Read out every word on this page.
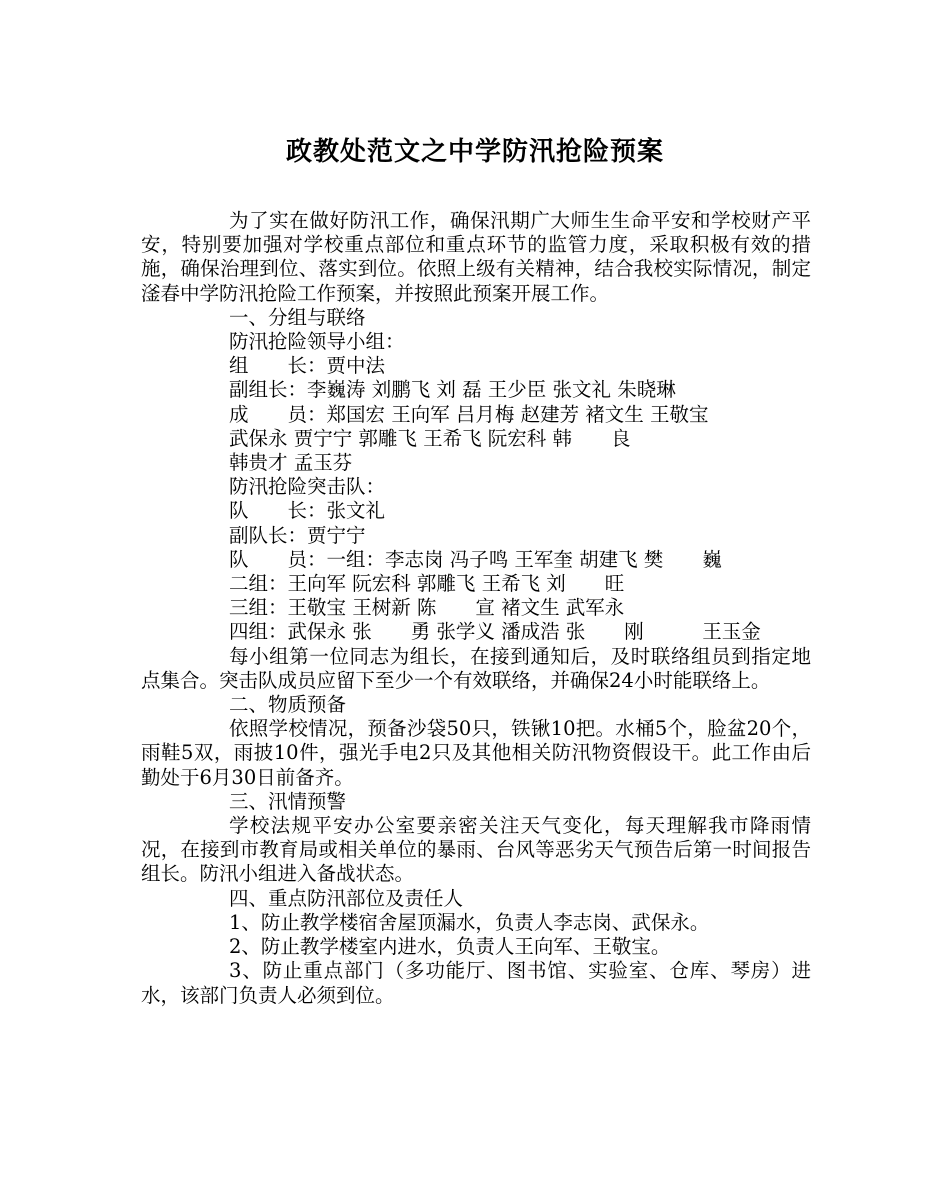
政教处范文之中学防汛抢险预案

为了实在做好防汛工作，确保汛期广大师生生命平安和学校财产平安，特别要加强对学校重点部位和重点环节的监管力度，采取积极有效的措施，确保治理到位、落实到位。依照上级有关精神，结合我校实际情况，制定滏春中学防汛抢险工作预案，并按照此预案开展工作。

一、分组与联络

防汛抢险领导小组：

组　　长：贾中法

副组长：李巍涛 刘鹏飞 刘 磊 王少臣 张文礼 朱晓琳

成　　员：郑国宏 王向军 吕月梅 赵建芳 褚文生 王敬宝

武保永 贾宁宁 郭雕飞 王希飞 阮宏科 韩　　良

韩贵才 孟玉芬

防汛抢险突击队：

队　　长：张文礼

副队长：贾宁宁

队　　员：一组：李志岗 冯子鸣 王军奎 胡建飞 樊　　巍

二组：王向军 阮宏科 郭雕飞 王希飞 刘　　旺

三组：王敬宝 王树新 陈　　宣 褚文生 武军永

四组：武保永 张　　勇 张学义 潘成浩 张　　刚　　　王玉金

每小组第一位同志为组长，在接到通知后，及时联络组员到指定地点集合。突击队成员应留下至少一个有效联络，并确保24小时能联络上。

二、物质预备

依照学校情况，预备沙袋50只，铁锹10把。水桶5个，脸盆20个，雨鞋5双，雨披10件，强光手电2只及其他相关防汛物资假设干。此工作由后勤处于6月30日前备齐。

三、汛情预警

学校法规平安办公室要亲密关注天气变化，每天理解我市降雨情况，在接到市教育局或相关单位的暴雨、台风等恶劣天气预告后第一时间报告组长。防汛小组进入备战状态。

四、重点防汛部位及责任人

1、防止教学楼宿舍屋顶漏水，负责人李志岗、武保永。

2、防止教学楼室内进水，负责人王向军、王敬宝。

3、防止重点部门（多功能厅、图书馆、实验室、仓库、琴房）进水，该部门负责人必须到位。
